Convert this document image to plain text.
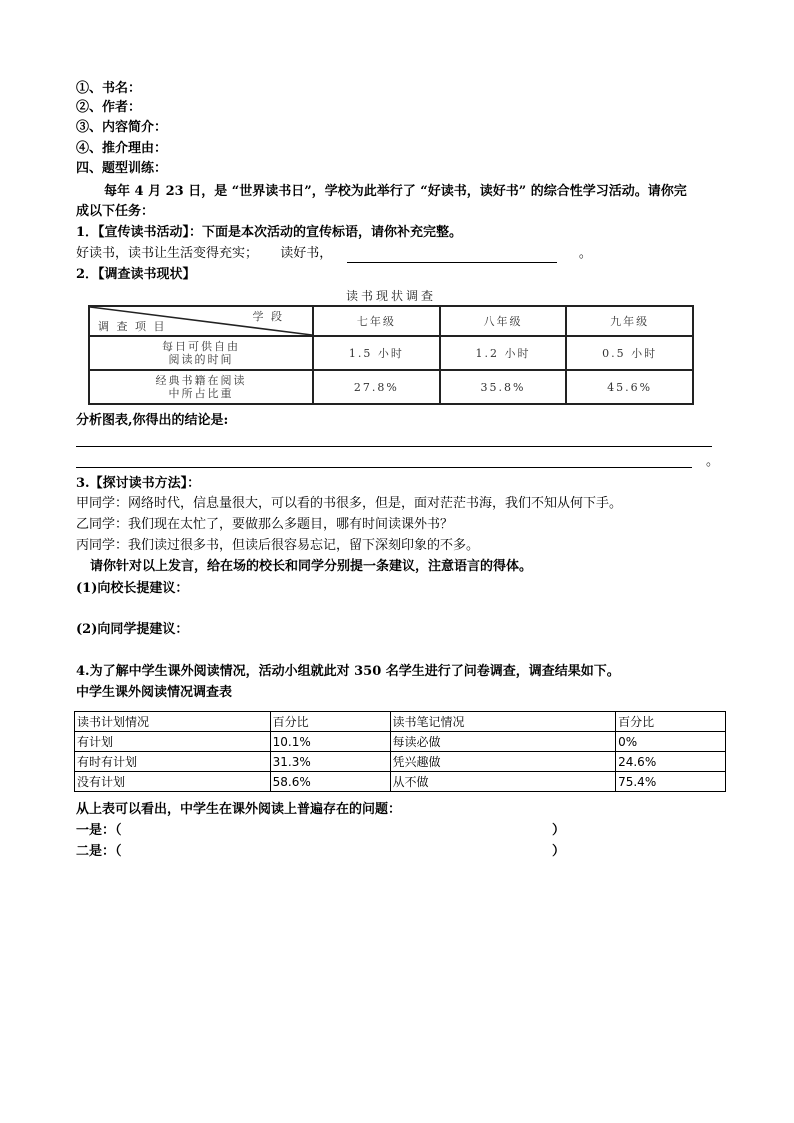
①、书名：
②、作者：
③、内容简介：
④、推介理由：
四、题型训练：
每年 4 月 23 日，是 “世界读书日”，学校为此举行了 “好读书，读好书” 的综合性学习活动。请你完
成以下任务：
1．【宣传读书活动】：下面是本次活动的宣传标语，请你补充完整。
好读书，读书让生活变得充实； 读好书，	。
2．【调查读书现状】
读书现状调查
学 段
调 查 项 目	七年级	八年级	九年级

每日可供自由
阅读的时间	1.5 小时	1.2 小时	0.5 小时

经典书籍在阅读
中所占比重	27.8%	35.8%	45.6%
分析图表,你得出的结论是:
。
3.【探讨读书方法】：
甲同学：网络时代，信息量很大，可以看的书很多，但是，面对茫茫书海，我们不知从何下手。
乙同学：我们现在太忙了，要做那么多题目，哪有时间读课外书？
丙同学：我们读过很多书，但读后很容易忘记，留下深刻印象的不多。
请你针对以上发言，给在场的校长和同学分别提一条建议，注意语言的得体。
(1)向校长提建议：
(2)向同学提建议：
4.为了解中学生课外阅读情况，活动小组就此对 350 名学生进行了问卷调查，调查结果如下。
中学生课外阅读情况调查表
读书计划情况	百分比	读书笔记情况	百分比
有计划	10.1%	每读必做	0%
有时有计划	31.3%	凭兴趣做	24.6%
没有计划	58.6%	从不做	75.4%
从上表可以看出，中学生在课外阅读上普遍存在的问题：
一是：（	）
二是：（	）
